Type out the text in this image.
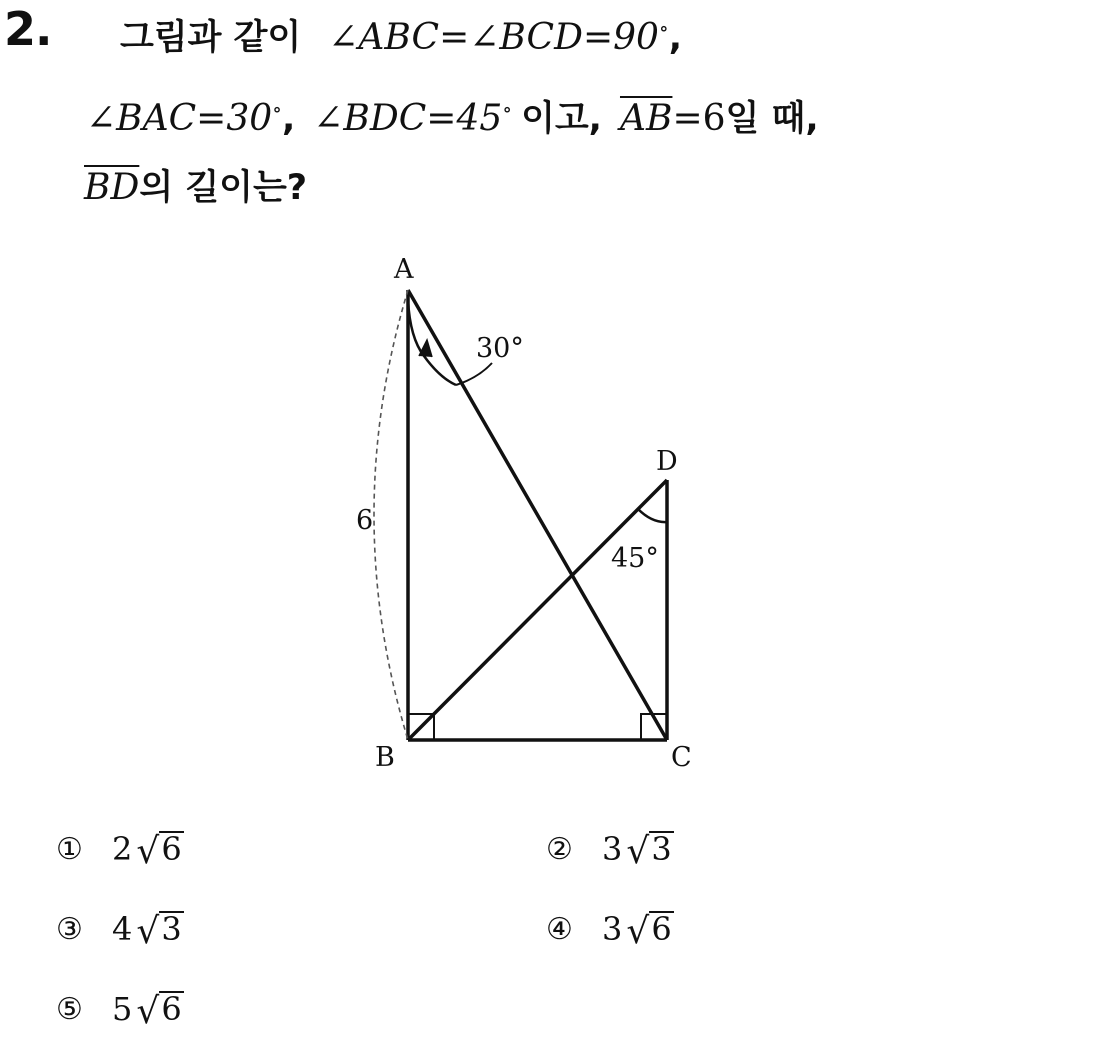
2. 그림과 같이 ∠ABC=∠BCD=90∘,
∠BAC=30∘, ∠BDC=45∘ 이고, $\overline{AB}=6$일 때,
$\overline{BD}$의 길이는?
A
B	C
D
30°
45°
6
① 2 √ 6	② 3 √ 3
③ 4 √ 3	④ 3 √ 6
⑤ 5 √ 6
